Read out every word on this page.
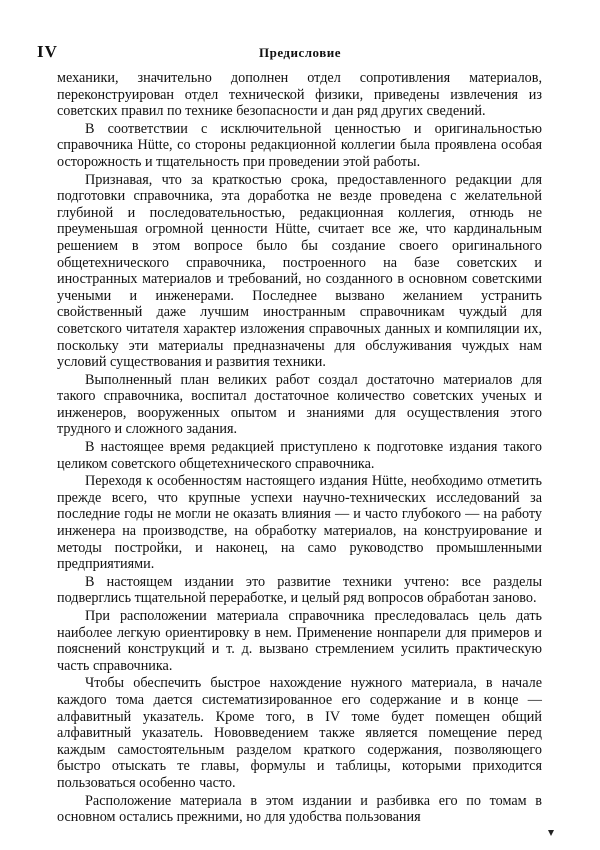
IV	Предисловие

механики, значительно дополнен отдел сопротивления материалов, переконструирован отдел технической физики, приведены извлечения из советских правил по технике безопасности и дан ряд других сведений.

В соответствии с исключительной ценностью и оригинальностью справочника Hütte, со стороны редакционной коллегии была проявлена особая осторожность и тщательность при проведении этой работы.

Признавая, что за краткостью срока, предоставленного редакции для подготовки справочника, эта доработка не везде проведена с желательной глубиной и последовательностью, редакционная коллегия, отнюдь не преуменьшая огромной ценности Hütte, считает все же, что кардинальным решением в этом вопросе было бы создание своего оригинального общетехнического справочника, построенного на базе советских и иностранных материалов и требований, но созданного в основном советскими учеными и инженерами. Последнее вызвано желанием устранить свойственный даже лучшим иностранным справочникам чуждый для советского читателя характер изложения справочных данных и компиляции их, поскольку эти материалы предназначены для обслуживания чуждых нам условий существования и развития техники.

Выполненный план великих работ создал достаточно материалов для такого справочника, воспитал достаточное количество советских ученых и инженеров, вооруженных опытом и знаниями для осуществления этого трудного и сложного задания.

В настоящее время редакцией приступлено к подготовке издания такого целиком советского общетехнического справочника.

Переходя к особенностям настоящего издания Hütte, необходимо отметить прежде всего, что крупные успехи научно-технических исследований за последние годы не могли не оказать влияния — и часто глубокого — на работу инженера на производстве, на обработку материалов, на конструирование и методы постройки, и наконец, на само руководство промышленными предприятиями.

В настоящем издании это развитие техники учтено: все разделы подверглись тщательной переработке, и целый ряд вопросов обработан заново.

При расположении материала справочника преследовалась цель дать наиболее легкую ориентировку в нем. Применение нонпарели для примеров и пояснений конструкций и т. д. вызвано стремлением усилить практическую часть справочника.

Чтобы обеспечить быстрое нахождение нужного материала, в начале каждого тома дается систематизированное его содержание и в конце — алфавитный указатель. Кроме того, в IV томе будет помещен общий алфавитный указатель. Нововведением также является помещение перед каждым самостоятельным разделом краткого содержания, позволяющего быстро отыскать те главы, формулы и таблицы, которыми приходится пользоваться особенно часто.

Расположение материала в этом издании и разбивка его по томам в основном остались прежними, но для удобства пользования
